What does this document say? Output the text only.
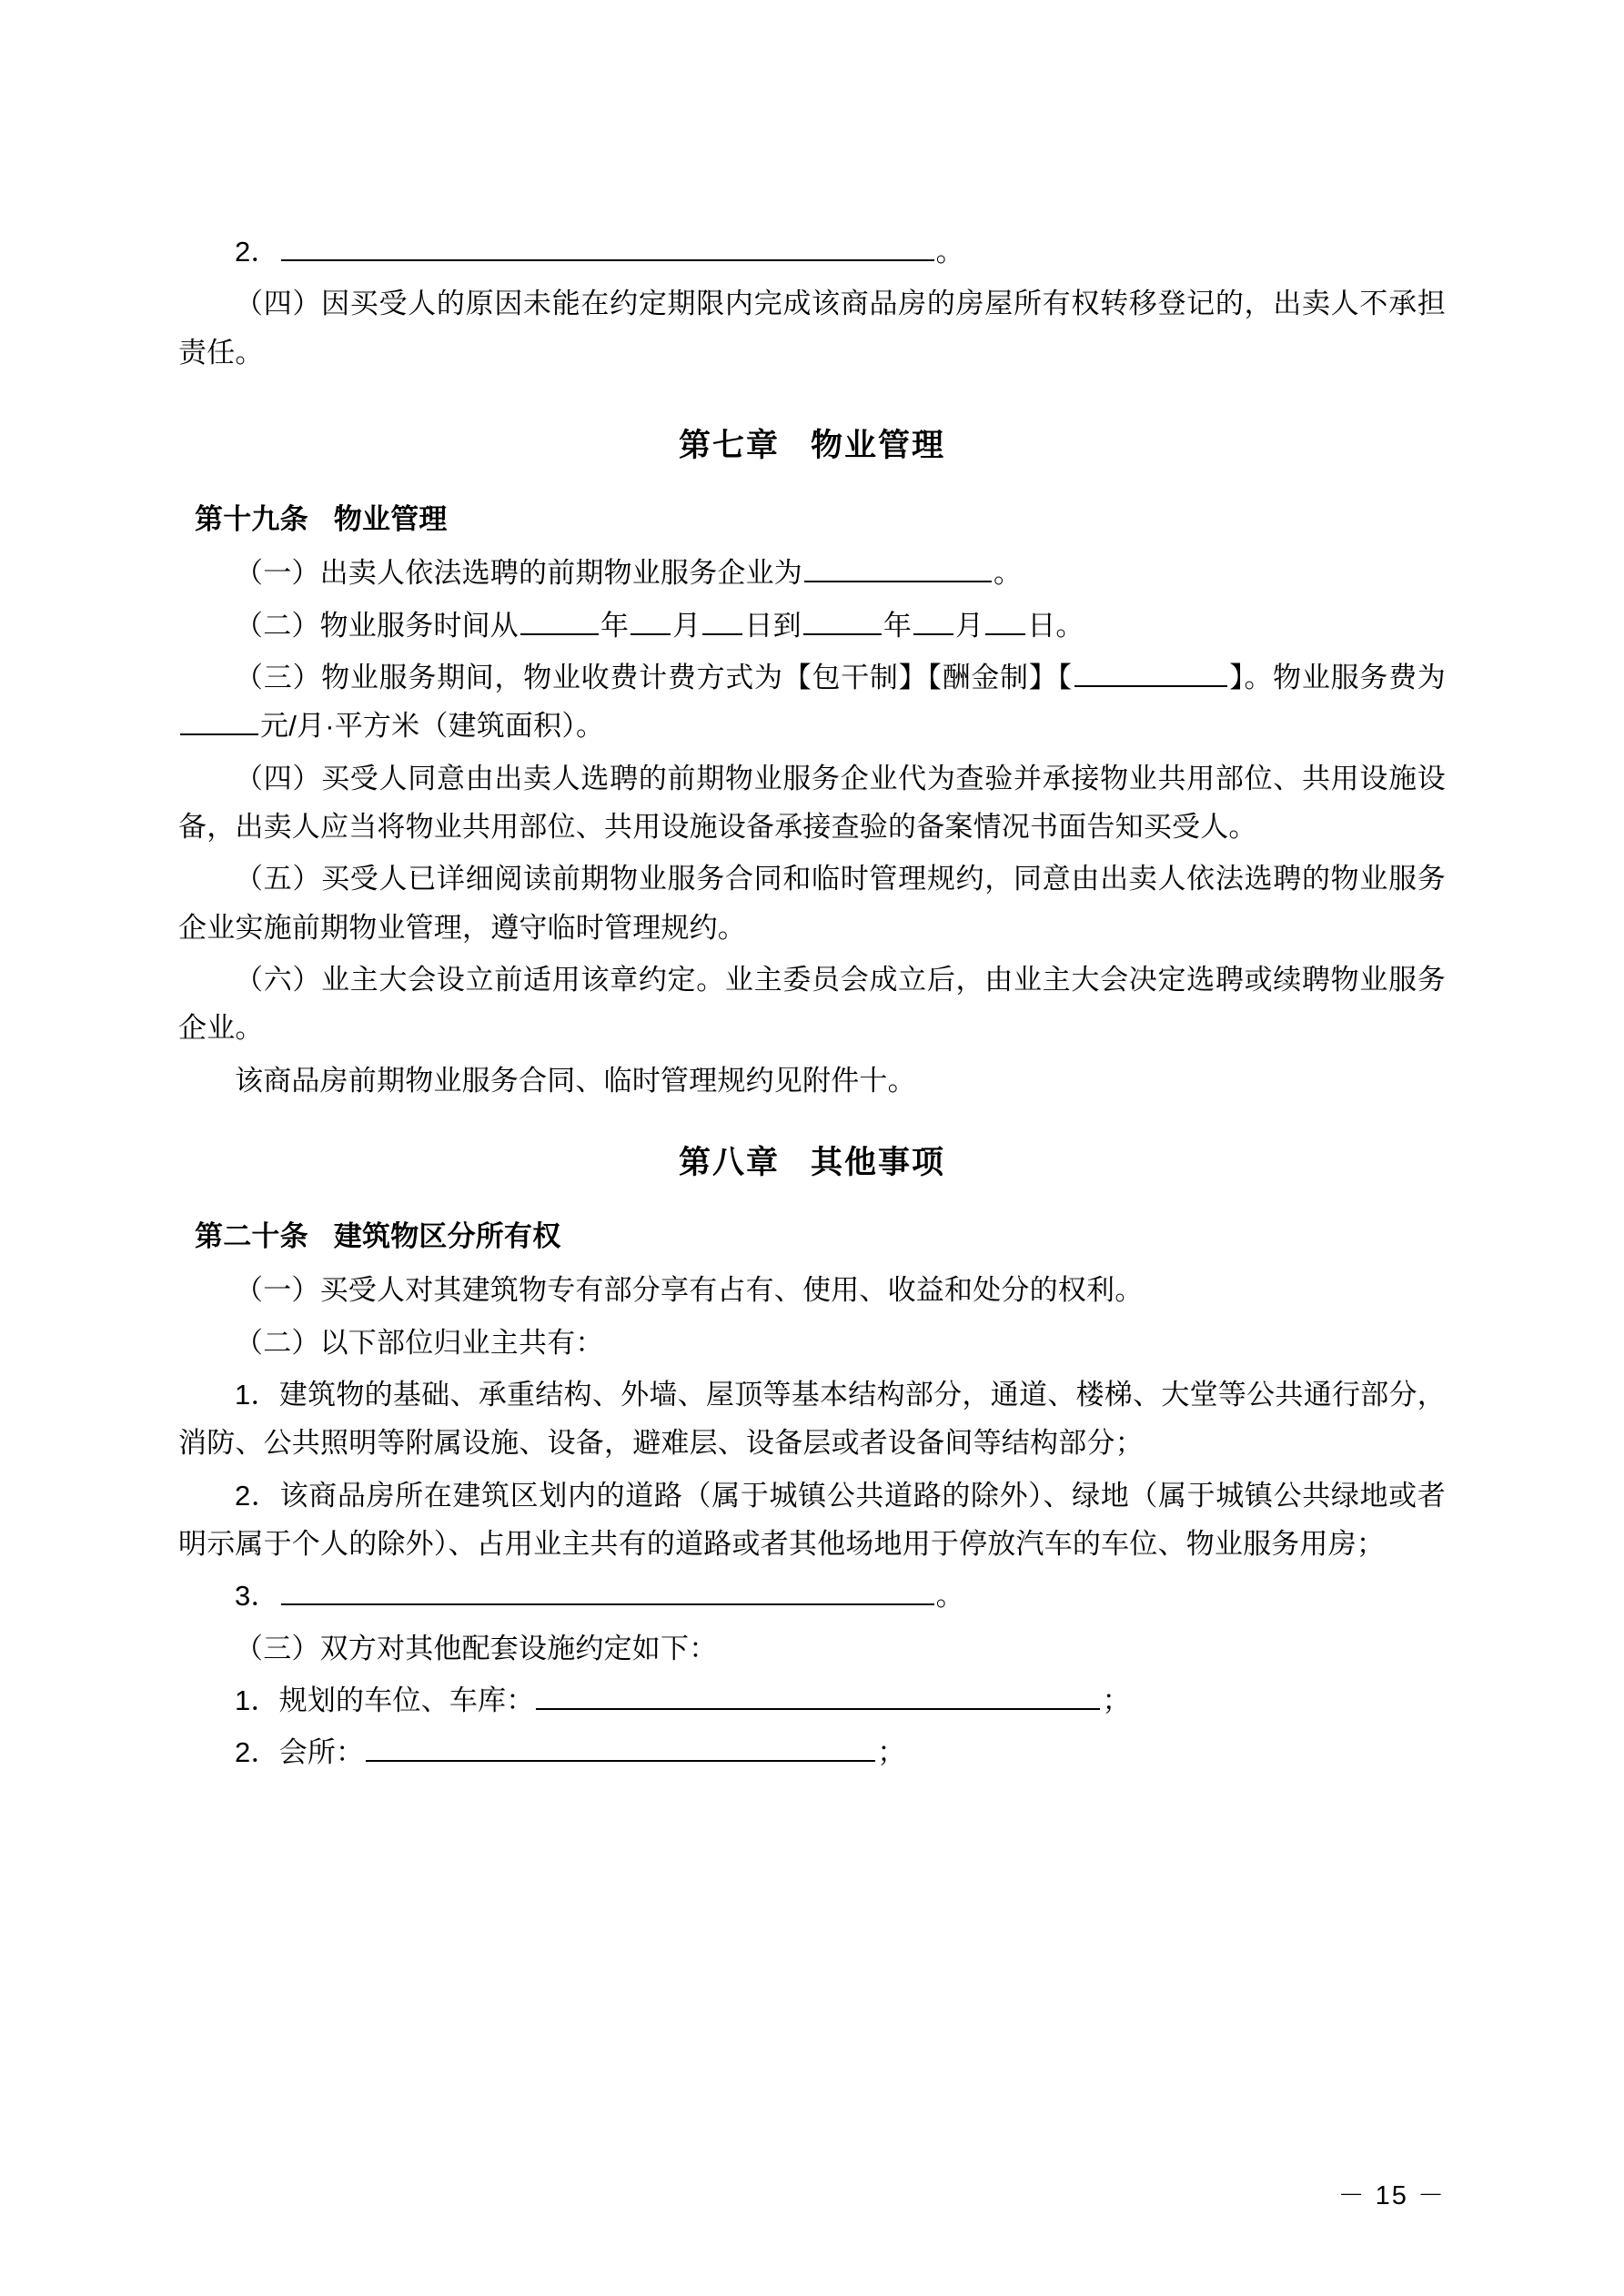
2．	。

（四）因买受人的原因未能在约定期限内完成该商品房的房屋所有权转移登记的，出卖人不承担责任。

第七章 物业管理

第十九条 物业管理

（一）出卖人依法选聘的前期物业服务企业为	。

（二）物业服务时间从	年 月 日到	年 月 日。

（三）物业服务期间，物业收费计费方式为【包干制】【酬金制】【	】。物业服务费为元/月·平方米（建筑面积）。

（四）买受人同意由出卖人选聘的前期物业服务企业代为查验并承接物业共用部位、共用设施设备，出卖人应当将物业共用部位、共用设施设备承接查验的备案情况书面告知买受人。

（五）买受人已详细阅读前期物业服务合同和临时管理规约，同意由出卖人依法选聘的物业服务企业实施前期物业管理，遵守临时管理规约。

（六）业主大会设立前适用该章约定。业主委员会成立后，由业主大会决定选聘或续聘物业服务企业。

该商品房前期物业服务合同、临时管理规约见附件十。

第八章 其他事项

第二十条 建筑物区分所有权

（一）买受人对其建筑物专有部分享有占有、使用、收益和处分的权利。

（二）以下部位归业主共有：

1．建筑物的基础、承重结构、外墙、屋顶等基本结构部分，通道、楼梯、大堂等公共通行部分，消防、公共照明等附属设施、设备，避难层、设备层或者设备间等结构部分；

2．该商品房所在建筑区划内的道路（属于城镇公共道路的除外）、绿地（属于城镇公共绿地或者明示属于个人的除外）、占用业主共有的道路或者其他场地用于停放汽车的车位、物业服务用房；

3．	。

（三）双方对其他配套设施约定如下：

1．规划的车位、车库：	；

2．会所：	；

－ 15 －
